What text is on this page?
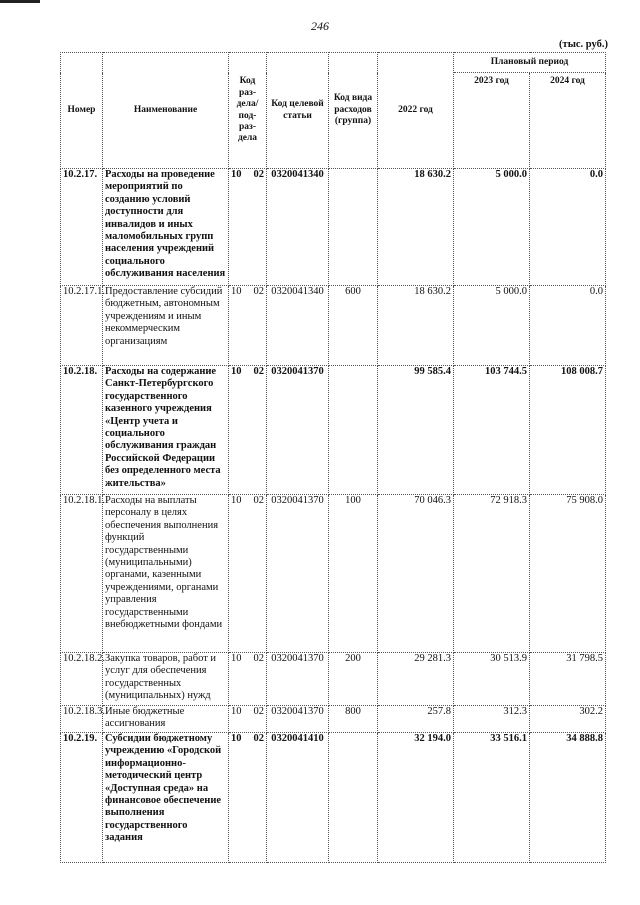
246
(тыс. руб.)
Номер	Наименование	Код раз-дела/ под-раз-дела	Код целевой статьи	Код вида расходов (группа)	2022 год	Плановый период	
						2023 год	2024 год
10.2.17.	Расходы на проведение мероприятий по созданию условий доступности для инвалидов и иных маломобильных групп населения учреждений социального обслуживания населения	10 02	0320041340		18 630.2	5 000.0	0.0
10.2.17.1.	Предоставление субсидий бюджетным, автономным учреждениям и иным некоммерческим организациям	10 02	0320041340	600	18 630.2	5 000.0	0.0
10.2.18.	Расходы на содержание Санкт-Петербургского государственного казенного учреждения «Центр учета и социального обслуживания граждан Российской Федерации без определенного места жительства»	10 02	0320041370		99 585.4	103 744.5	108 008.7
10.2.18.1.	Расходы на выплаты персоналу в целях обеспечения выполнения функций государственными (муниципальными) органами, казенными учреждениями, органами управления государственными внебюджетными фондами	10 02	0320041370	100	70 046.3	72 918.3	75 908.0
10.2.18.2.	Закупка товаров, работ и услуг для обеспечения государственных (муниципальных) нужд	10 02	0320041370	200	29 281.3	30 513.9	31 798.5
10.2.18.3.	Иные бюджетные ассигнования	10 02	0320041370	800	257.8	312.3	302.2
10.2.19.	Субсидии бюджетному учреждению «Городской информационно-методический центр «Доступная среда» на финансовое обеспечение выполнения государственного задания	10 02	0320041410		32 194.0	33 516.1	34 888.8
